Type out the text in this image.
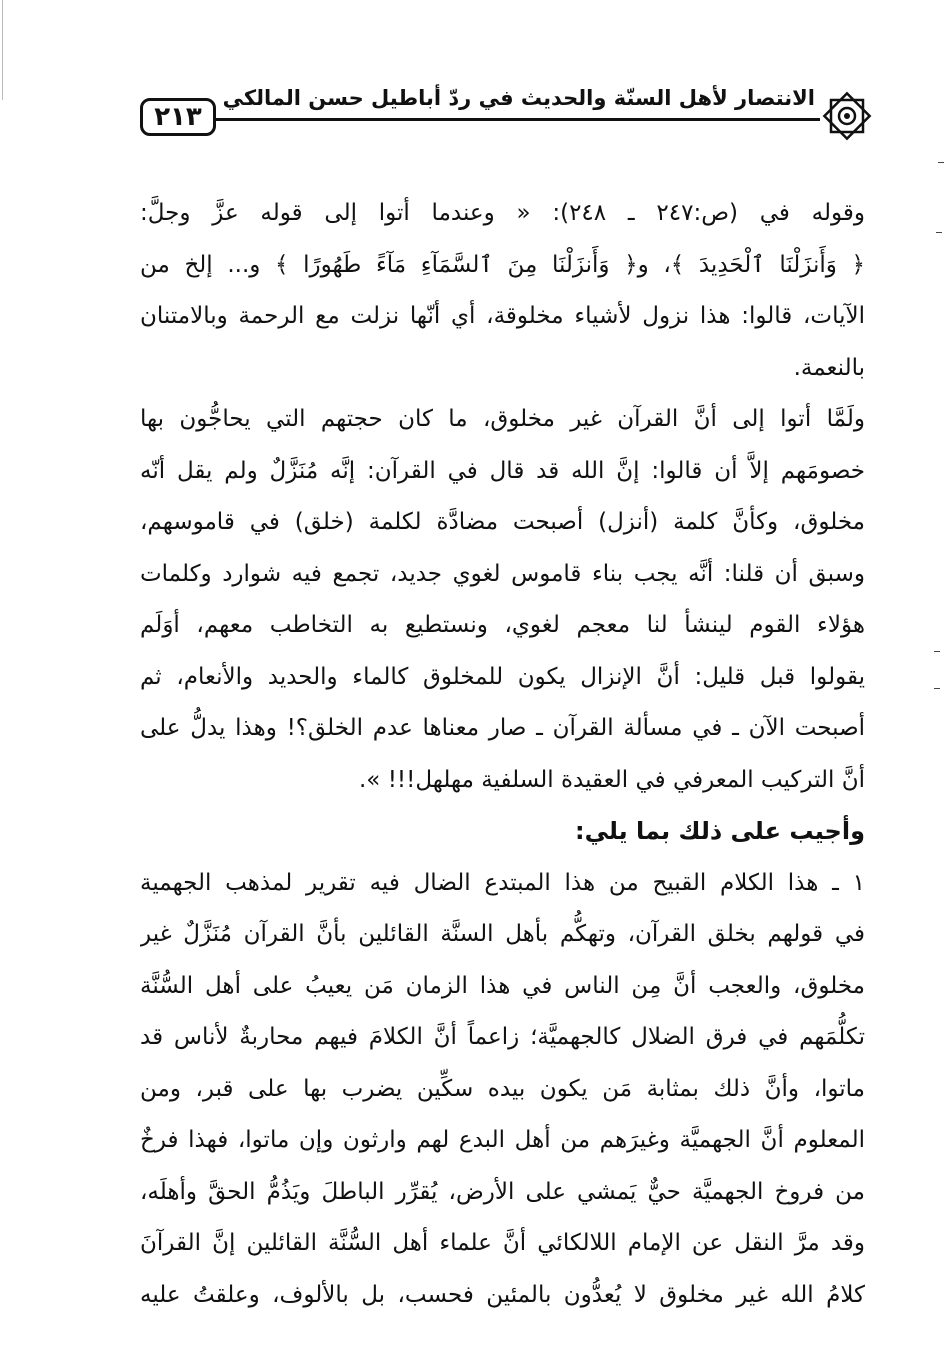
٢١٣
الانتصار لأهل السنّة والحديث في ردّ أباطيل حسن المالكي
وقوله في (ص:٢٤٧ ـ ٢٤٨): « وعندما أتوا إلى قوله عزَّ وجلَّ:
﴿ وَأَنزَلْنَا ٱلْحَدِيدَ ﴾، و﴿ وَأَنزَلْنَا مِنَ ٱلسَّمَآءِ مَآءً طَهُورًا ﴾ و... إلخ من
الآيات، قالوا: هذا نزول لأشياء مخلوقة، أي أنّها نزلت مع الرحمة وبالامتنان
بالنعمة.
ولَمَّا أتوا إلى أنَّ القرآن غير مخلوق، ما كان حجتهم التي يحاجُّون بها
خصومَهم إلاَّ أن قالوا: إنَّ الله قد قال في القرآن: إنَّه مُنَزَّلٌ ولم يقل أنّه
مخلوق، وكأنَّ كلمة (أنزل) أصبحت مضادَّة لكلمة (خلق) في قاموسهم،
وسبق أن قلنا: أنَّه يجب بناء قاموس لغوي جديد، تجمع فيه شوارد وكلمات
هؤلاء القوم لينشأ لنا معجم لغوي، ونستطيع به التخاطب معهم، أوَلَم
يقولوا قبل قليل: أنَّ الإنزال يكون للمخلوق كالماء والحديد والأنعام، ثم
أصبحت الآن ـ في مسألة القرآن ـ صار معناها عدم الخلق؟! وهذا يدلُّ على
أنَّ التركيب المعرفي في العقيدة السلفية مهلهل!!! ».
وأجيب على ذلك بما يلي:
١ ـ هذا الكلام القبيح من هذا المبتدع الضال فيه تقرير لمذهب الجهمية
في قولهم بخلق القرآن، وتهكُّم بأهل السنَّة القائلين بأنَّ القرآن مُنَزَّلٌ غير
مخلوق، والعجب أنَّ مِن الناس في هذا الزمان مَن يعيبُ على أهل السُّنَّة
تكلُّمَهم في فرق الضلال كالجهميَّة؛ زاعماً أنَّ الكلامَ فيهم محاربةٌ لأناس قد
ماتوا، وأنَّ ذلك بمثابة مَن يكون بيده سكِّين يضرب بها على قبر، ومن
المعلوم أنَّ الجهميَّة وغيرَهم من أهل البدع لهم وارثون وإن ماتوا، فهذا فرخٌ
من فروخ الجهميَّة حيٌّ يَمشي على الأرض، يُقرِّر الباطلَ ويَذُمُّ الحقَّ وأهلَه،
وقد مرَّ النقل عن الإمام اللالكائي أنَّ علماء أهل السُّنَّة القائلين إنَّ القرآنَ
كلامُ الله غير مخلوق لا يُعدُّون بالمئين فحسب، بل بالألوف، وعلقتُ عليه
